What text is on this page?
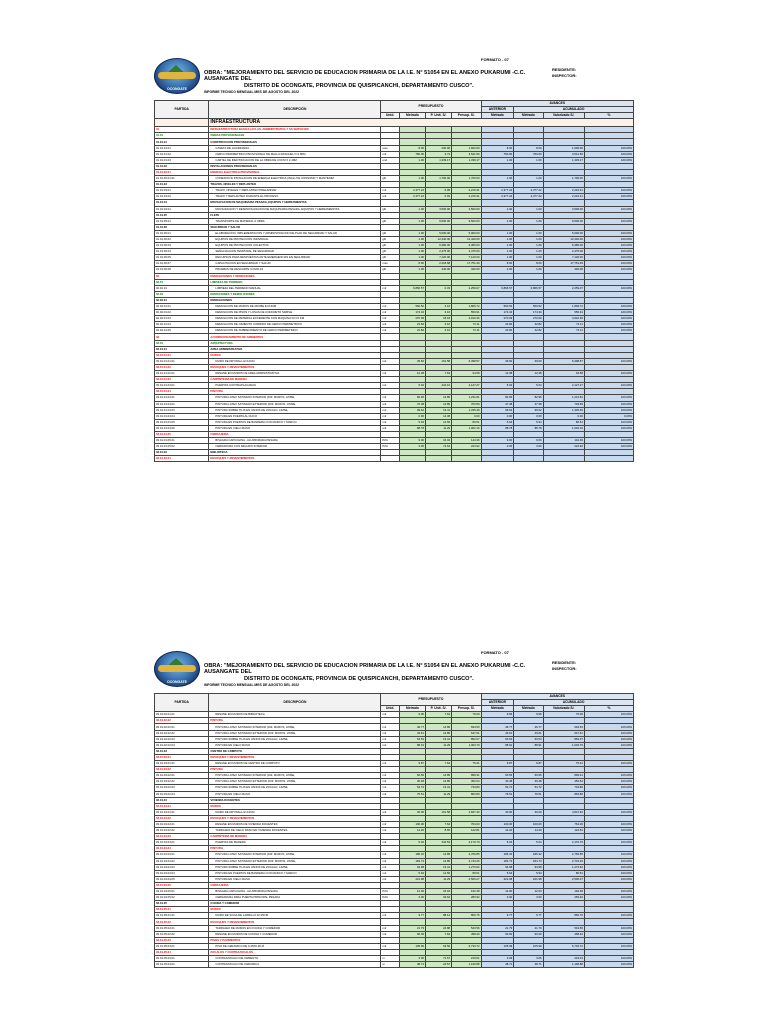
OCONGATE
FORMATO - 07
RESIDENTE:
INSPECTOR:
OBRA: "MEJORAMIENTO DEL SERVICIO DE EDUCACION PRIMARIA DE LA I.E. N° 51054 EN EL ANEXO PUKARUMI -C.C. AUSANGATE DEL
DISTRITO DE OCONGATE, PROVINCIA DE QUISPICANCHI, DEPARTAMENTO CUSCO".
INFORME TECNICO MENSUAL MES DE AGOSTO DEL 2022
PARTIDA	DESCRIPCIÓN	PRESUPUESTO				AVANCES			
						ANTERIOR	ACUMULADO		
		Unid.	Metrado	P. Unit. S/.	Presup. S/.	Metrado	Metrado	Valorizado S/.	%
	INFRAESTRUCTURA								
01	INFRAESTRUCTURA BASICA (AULAS, ADMINISTRATIVA Y SS SERVICIOS								
01.01	OBRAS PROVISIONALES								
01.01.01	CONSTRUCCION PROVISIONALES								
01.01.01.01	CASETA DE GUARDIANIA	mes	8.00	200.00	1,600.00	8.00	8.00	1,600.00	100.00%
01.01.01.02	CERCO PERIMETRICO PROVISIONAL DE MALLA RASCHEL h=1.80M	m2	750.00	4.72	3,541.50	750.00	750.00	3,541.50	100.00%
01.01.01.03	CARTEL DE IDENTIFICACION DE LA OBRA DE 3.60 M X 2.40M	und	1.00	1,339.17	1,339.17	1.00	1.00	1,339.17	100.00%
01.01.02	INSTALACIONES PROVISIONALES								
01.01.02.01	ENERGIA ELECTRICA PROVISIONAL								
01.01.02.01.01	CONEXION E INSTALACION DE ENERGIA ELECTRICA (INCLUYE CONSUMO Y MANTENIM	glb	1.00	1,700.00	1,700.00	1.00	1.00	1,700.00	100.00%
01.01.03	TRAZOS, NIVELES Y REPLANTEO								
01.01.03.01	TRAZO, NIVELES Y REPLANTEO PRELIMINAR	m2	2,377.22	0.95	2,216.41	2,377.22	2,377.22	2,216.41	100.00%
01.01.03.02	TRAZO Y REPLANTEO DURANTE EL PROCESO	m2	2,377.22	0.93	2,216.41	2,377.22	2,377.22	2,216.41	100.00%
01.01.04	MOVILIZACION DE MAQUINARIA PESADA, EQUIPOS Y HERRAMIENTAS								
01.01.04.01	MOVILIZACION Y DESMOVILIZACION DE MAQUINARIA PESADA, EQUIPOS Y HERRAMIENTAS	glb	1.00	3,500.00	3,500.00	1.00	1.00	3,500.00	100.00%
01.01.05	FLETE								
01.01.05.01	TRANSPORTE DE MATERIAL A OBRA	glb	1.00	9,500.00	9,500.00	1.00	1.00	9,500.00	100.00%
01.01.06	SEGURIDAD Y SALUD								
01.01.06.01	ELABORACION, IMPLEMENTACION Y ADMINISTRACION DE PLAN DE SEGURIDAD Y SALUD	glb	1.00	5,000.00	5,000.00	1.00	1.00	5,000.00	100.00%
01.01.06.02	EQUIPOS DE PROTECCION INDIVIDUAL	glb	1.00	12,440.00	12,440.00	1.00	1.00	12,440.00	100.00%
01.01.06.03	EQUIPOS DE PROTECCION COLECTIVA	glb	1.00	6,380.00	6,380.00	1.00	1.00	6,380.00	100.00%
01.01.06.04	SEÑALIZACION TEMPORAL DE SEGURIDAD	glb	1.00	2,475.00	2,475.00	1.00	1.00	2,475.00	100.00%
01.01.06.05	RECURSOS PARA RESPUESTAS ANTE EMERGENCIAS EN SEGURIDAD	glb	1.00	7,120.00	7,120.00	1.00	1.00	7,120.00	100.00%
01.01.06.07	CAPACITACION EN SEGURIDAD Y SALUD	mes	8.00	2,218.68	17,751.39	8.00	8.00	17,751.39	100.00%
01.01.06.08	PRUEBAS DE DESCARTE COVID-19	glb	1.00	440.00	440.00	1.00	1.00	440.00	100.00%
02	DEMOLICIONES Y REMOCIONES								
02.01	LIMPIEZA DE TERRENO								
02.01.01	LIMPIEZA DEL TERRENO MANUAL	m2	6,866.57	0.33	2,259.07	6,866.57	6,866.57	2,259.07	100.00%
02.02	REMOCIONES Y DEMOLICIONES								
02.02.01	DEMOLICIONES								
02.02.01.01	DEMOLICION DE MUROS DE ADOBE E=0.60M	m2	560.52	3.16	1,809.72	560.52	560.52	1,809.72	100.00%
02.02.01.02	DEMOLICION DE PISOS Y LOSAS DE CONCRETO SIMPLE	m2	174.34	3.16	550.91	174.34	174.34	550.91	100.00%
02.02.01.03	DEMOLICION DE MATERIAL EXCEDENTE CON MAQUINA D=1.5 KM	m3	270.09	18.18	4,910.36	270.09	270.09	4,910.36	100.00%
02.02.01.04	DEMOLICION DE CIMIENTO CORRIDO DE CERCO PERIMETRICO	m2	22.82	3.16	72.11	22.82	22.82	72.11	100.00%
02.02.01.05	DEMOLICION DE SOBRECIMIENTO DE CERCO PERIMETRICO	m2	22.82	3.16	72.11	22.82	22.82	72.11	100.00%
03	ACONDICIONAMIENTO DE AMBIENTES								
03.01	ARQUITECTURA								
03.01.01	AREA ADMINISTRATIVA								
03.01.01.01	MUROS								
03.01.01.01.01	MURO DE DRYWALL E=12CM	m2	39.60	161.58	6,398.57	39.60	39.60	6,398.57	100.00%
03.01.01.02	REVOQUES Y REVESTIMIENTOS								
03.01.01.02.01	RESANE EN MUROS DE AREA ADMINISTRATIVA	m2	12.38	7.64	94.58	12.38	12.38	94.58	100.00%
03.01.01.03	CARPINTERIA DE MADERA								
03.01.01.03.01	PUERTAS CONTRAPLACADAS	m2	5.04	422.10	2,127.27	5.04	5.04	2,127.27	100.00%
03.01.01.04	PINTURA								
03.01.01.04.01	PINTURA LATEX SATINADO INTERIOR (033: MUROS, LIMSE,	m2	82.96	14.85	1,231.81	82.96	82.96	1,231.81	100.00%
03.01.01.04.02	PINTURA LATEX SATINADO EXTERIOR (033: MUROS, LIMSE,	m2	47.38	14.85	703.59	47.38	47.38	703.59	100.00%
03.01.01.04.03	PINTURA SOBRE TILIS EN VANOS DE ZOCALO, LIMSE,	m2	99.62	13.41	1,335.49	99.62	99.62	1,335.49	100.00%
03.01.01.04.04	PINTURA EN PUERTA AL DUCO	m2	0.00	14.38	0.00	0.00	0.00	0.00	0.00%
03.01.01.04.05	PINTURA EN PUERTAS DE BANDERA CON MARCO Y MARCO	m2	5.94	14.56	86.51	5.94	5.94	86.51	100.00%
03.01.01.04.06	PINTURA EN CIELO RASO	m2	88.78	11.29	1,002.16	88.78	88.78	1,002.16	100.00%
03.01.01.05	CERRAJERIA								
03.01.01.05.01	BISAGRA CAPUCHINA - ALUMINIZADA PESADA	PZA	9.00	16.04	144.36	9.00	9.00	144.36	100.00%
03.01.01.05.02	CERRADURA CON SEGURO INTERIOR	PZA	3.00	74.64	223.92	3.00	3.00	223.92	100.00%
03.01.02	BIBLIOTECA								
03.01.02.01	REVOQUES Y REVESTIMIENTOS								
OCONGATE
FORMATO - 07
RESIDENTE:
INSPECTOR:
OBRA: "MEJORAMIENTO DEL SERVICIO DE EDUCACION PRIMARIA DE LA I.E. N° 51054 EN EL ANEXO PUKARUMI -C.C. AUSANGATE DEL
DISTRITO DE OCONGATE, PROVINCIA DE QUISPICANCHI, DEPARTAMENTO CUSCO".
INFORME TECNICO MENSUAL MES DE AGOSTO DEL 2022
PARTIDA	DESCRIPCIÓN	PRESUPUESTO				AVANCES			
						ANTERIOR	ACUMULADO		
		Unid.	Metrado	P. Unit. S/.	Presup. S/.	Metrado	Metrado	Valorizado S/.	%
03.01.02.01.01	RESANE EN MUROS DE BIBLIOTECA	m2	9.96	7.64	76.09	9.96	9.96	76.09	100.00%
03.01.02.02	PINTURA								
03.01.02.02.01	PINTURA LATEX SATINADO INTERIOR (033: MUROS, LIMSE,	m2	46.77	14.85	694.53	46.77	46.77	694.53	100.00%
03.01.02.02.02	PINTURA LATEX SATINADO EXTERIOR (033: MUROS, LIMSE,	m2	43.61	14.85	647.61	43.61	43.61	647.61	100.00%
03.01.02.02.03	PINTURA SOBRE TILIS EN VANOS DE ZOCALO, LIMSE,	m2	63.54	13.41	852.07	63.54	63.54	852.07	100.00%
03.01.02.02.04	PINTURA EN CIELO RASO	m2	88.91	11.29	1,003.79	88.91	88.91	1,003.79	100.00%
03.01.03	CENTRO DE COMPUTO								
03.01.03.01	REVOQUES Y REVESTIMIENTOS								
03.01.03.01.01	RESANE EN MUROS DE CENTRO DE COMPUTO	m2	9.87	7.64	75.41	9.87	9.87	75.41	100.00%
03.01.03.02	PINTURA								
03.01.03.02.01	PINTURA LATEX SATINADO INTERIOR (033: MUROS, LIMSE,	m2	60.56	14.85	899.31	60.56	60.56	899.31	100.00%
03.01.03.02.02	PINTURA LATEX SATINADO EXTERIOR (033: MUROS, LIMSE,	m2	30.48	14.85	452.64	30.48	30.48	452.64	100.00%
03.01.03.02.03	PINTURA SOBRE TILIS EN VANOS DE ZOCALO, LIMSE,	m2	54.72	13.41	733.80	54.72	54.72	733.80	100.00%
03.01.03.02.04	PINTURA EN CIELO RASO	m2	76.51	11.29	863.80	76.51	76.51	863.80	100.00%
03.01.04	VIVIENDA DOCENTES								
03.01.04.01	MUROS								
03.01.04.01.01	MURO DE DRYWALL E=12CM	m2	30.00	161.58	4,847.40	30.00	30.00	4,847.40	100.00%
03.01.04.02	REVOQUES Y REVESTIMIENTOS								
03.01.04.02.01	RESANE EN MUROS DE VIVIENDA DOCENTES	m2	100.00	7.64	764.00	100.00	100.00	764.00	100.00%
03.01.04.02.02	TARRAJEO DE CIELO RASO EN VIVIENDA DOCENTES	m2	14.20	8.65	122.81	14.20	14.20	122.81	100.00%
03.01.04.03	CARPINTERIA DE MADERA								
03.01.04.03.01	PUERTAS DE MADERA	m2	5.04	334.53	2,170.79	5.04	5.04	2,170.79	100.00%
03.01.04.04	PINTURA								
03.01.04.04.01	PINTURA LATEX SATINADO INTERIOR (033: MUROS, LIMSE,	m2	186.32	14.85	2,766.85	186.32	186.32	2,766.85	100.00%
03.01.04.04.02	PINTURA LATEX SATINADO EXTERIOR (033: MUROS, LIMSE,	m2	184.73	14.85	2,743.26	184.73	184.73	2,743.26	100.00%
03.01.04.04.03	PINTURA SOBRE TILIS EN VANOS DE ZOCALO, LIMSE,	m2	94.98	13.41	1,273.62	94.98	94.98	1,273.62	100.00%
03.01.04.04.04	PINTURA EN PUERTAS DE BANDERA CON MARCO Y MARCO	m2	5.94	14.56	86.51	5.94	5.94	86.51	100.00%
03.01.04.04.05	PINTURA EN CIELO RASO	m2	221.98	11.29	2,506.27	221.98	221.98	2,506.27	100.00%
03.01.04.05	CERRAJERIA								
03.01.04.05.01	BISAGRA CAPUCHINA - ALUMINIZADA PESADA	PZA	12.00	16.04	192.48	12.00	12.00	192.48	100.00%
03.01.04.05.02	CERRADURA PARA PUERTA PRINCIPAL PESADA	PZA	3.00	94.64	283.92	3.00	3.00	283.92	100.00%
03.01.05	COCINA Y COMEDOR								
03.01.05.01	MUROS								
03.01.05.01.01	MURO DE SOGA DE LADRILLO E=15CM	m2	9.77	88.14	860.76	9.77	9.77	860.76	100.00%
03.01.05.02	REVOQUES Y REVESTIMIENTOS								
03.01.05.02.01	TARRAJEO DE MUROS EN COCINA Y COMEDOR	m2	21.79	24.88	543.56	21.79	21.79	543.56	100.00%
03.01.05.02.02	RESANE EN MUROS DE COCINA Y COMEDOR	m2	60.00	7.64	458.40	60.00	60.00	458.40	100.00%
03.01.05.03	PISOS Y PAVIMENTOS								
03.01.05.03.01	PISO DE CERAMICO DE 0.45X0.45 M	m2	105.99	63.56	6,733.72	105.99	105.99	6,733.72	100.00%
03.01.05.04	ZOCALOS Y CONTRAZOCALOS								
03.01.05.04.01	CONTRAZOCALO DE CEMENTO	m	3.06	71.57	219.01	3.06	3.06	219.01	100.00%
03.01.05.04.02	CONTRAZOCALO DE CERAMICA	m	48.71	24.57	1,196.88	48.71	48.71	1,196.88	100.00%
